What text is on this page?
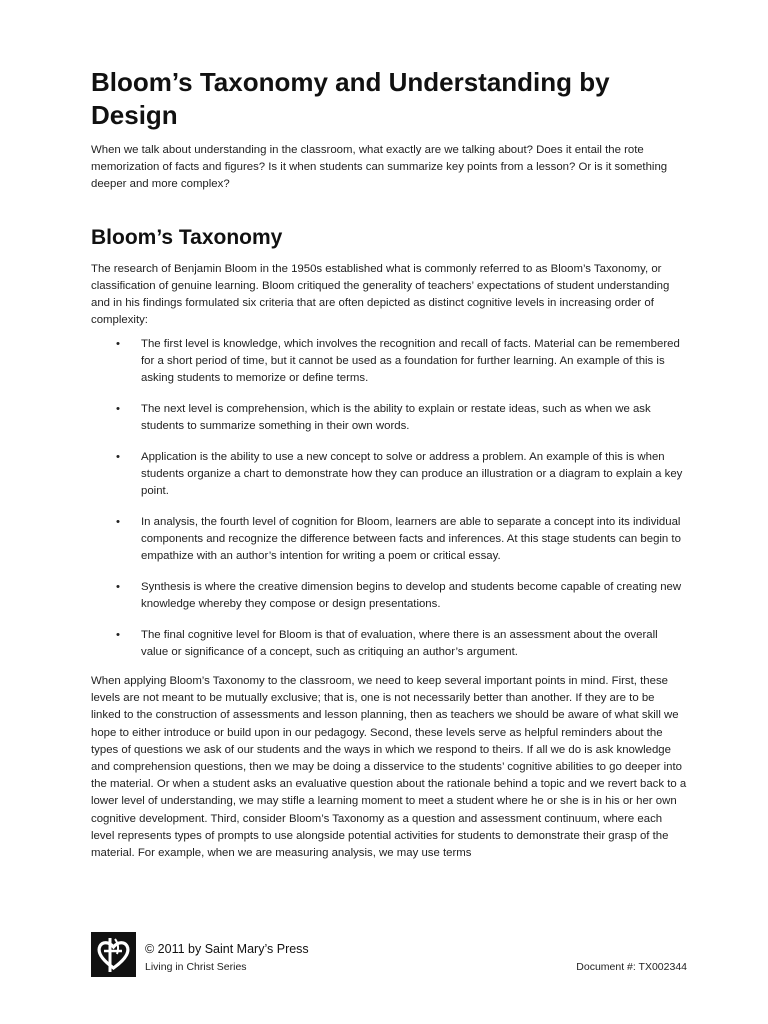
Bloom’s Taxonomy and Understanding by Design

When we talk about understanding in the classroom, what exactly are we talking about? Does it entail the rote memorization of facts and figures? Is it when students can summarize key points from a lesson? Or is it something deeper and more complex?

Bloom’s Taxonomy

The research of Benjamin Bloom in the 1950s established what is commonly referred to as Bloom’s Taxonomy, or classification of genuine learning. Bloom critiqued the generality of teachers’ expectations of student understanding and in his findings formulated six criteria that are often depicted as distinct cognitive levels in increasing order of complexity:

• The first level is knowledge, which involves the recognition and recall of facts. Material can be remembered for a short period of time, but it cannot be used as a foundation for further learning. An example of this is asking students to memorize or define terms.
• The next level is comprehension, which is the ability to explain or restate ideas, such as when we ask students to summarize something in their own words.
• Application is the ability to use a new concept to solve or address a problem. An example of this is when students organize a chart to demonstrate how they can produce an illustration or a diagram to explain a key point.
• In analysis, the fourth level of cognition for Bloom, learners are able to separate a concept into its individual components and recognize the difference between facts and inferences. At this stage students can begin to empathize with an author’s intention for writing a poem or critical essay.
• Synthesis is where the creative dimension begins to develop and students become capable of creating new knowledge whereby they compose or design presentations.
• The final cognitive level for Bloom is that of evaluation, where there is an assessment about the overall value or significance of a concept, such as critiquing an author’s argument.

When applying Bloom’s Taxonomy to the classroom, we need to keep several important points in mind. First, these levels are not meant to be mutually exclusive; that is, one is not necessarily better than another. If they are to be linked to the construction of assessments and lesson planning, then as teachers we should be aware of what skill we hope to either introduce or build upon in our pedagogy. Second, these levels serve as helpful reminders about the types of questions we ask of our students and the ways in which we respond to theirs. If all we do is ask knowledge and comprehension questions, then we may be doing a disservice to the students’ cognitive abilities to go deeper into the material. Or when a student asks an evaluative question about the rationale behind a topic and we revert back to a lower level of understanding, we may stifle a learning moment to meet a student where he or she is in his or her own cognitive development. Third, consider Bloom’s Taxonomy as a question and assessment continuum, where each level represents types of prompts to use alongside potential activities for students to demonstrate their grasp of the material. For example, when we are measuring analysis, we may use terms

© 2011 by Saint Mary’s Press
Living in Christ Series	Document #: TX002344
